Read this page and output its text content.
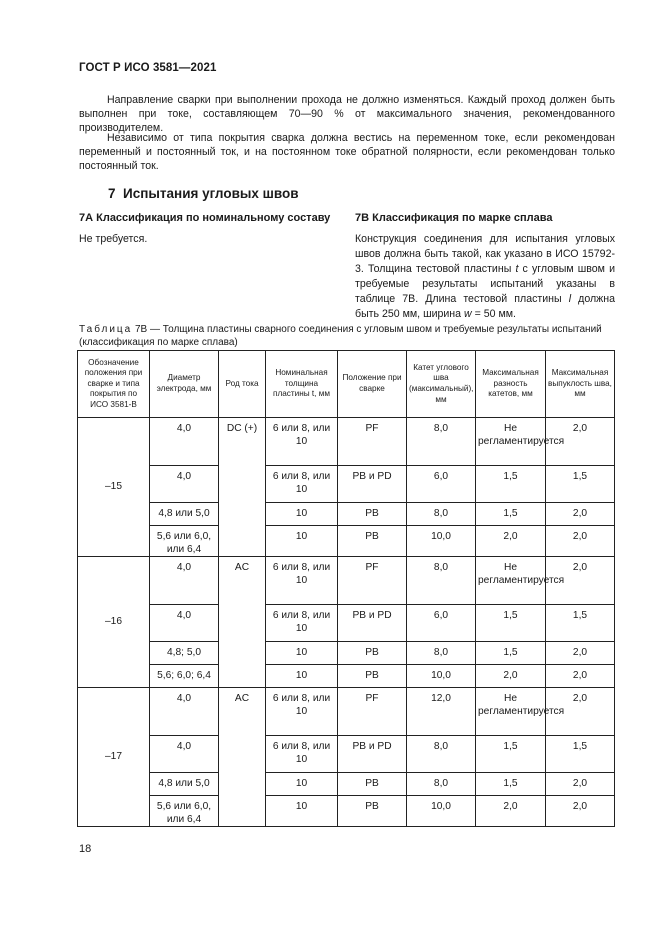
ГОСТ Р ИСО 3581—2021
Направление сварки при выполнении прохода не должно изменяться. Каждый проход должен быть выполнен при токе, составляющем 70—90 % от максимального значения, рекомендованного производителем.
Независимо от типа покрытия сварка должна вестись на переменном токе, если рекомендован переменный и постоянный ток, и на постоянном токе обратной полярности, если рекомендован только постоянный ток.
7 Испытания угловых швов
7А Классификация по номинальному составу
Не требуется.
7В Классификация по марке сплава
Конструкция соединения для испытания угловых швов должна быть такой, как указано в ИСО 15792-3. Толщина тестовой пластины t с угловым швом и требуемые результаты испытаний указаны в таблице 7В. Длина тестовой пластины l должна быть 250 мм, ширина w = 50 мм.
Таблица 7В — Толщина пластины сварного соединения с угловым швом и требуемые результаты испытаний (классификация по марке сплава)
Обозначение положения при сварке и типа покрытия по ИСО 3581-В	Диаметр электрода, мм	Род тока	Номинальная толщина пластины t, мм	Положение при сварке	Катет углового шва (максимальный), мм	Максимальная разность катетов, мм	Максимальная выпуклость шва, мм
–15	4,0	DC (+)	6 или 8, или 10	PF	8,0	Не регламентируется	2,0
	4,0		6 или 8, или 10	PB и PD	6,0	1,5	1,5
	4,8 или 5,0		10	PB	8,0	1,5	2,0
	5,6 или 6,0, или 6,4		10	PB	10,0	2,0	2,0
–16	4,0	AC	6 или 8, или 10	PF	8,0	Не регламентируется	2,0
	4,0		6 или 8, или 10	PB и PD	6,0	1,5	1,5
	4,8; 5,0		10	PB	8,0	1,5	2,0
	5,6; 6,0; 6,4		10	PB	10,0	2,0	2,0
–17	4,0	AC	6 или 8, или 10	PF	12,0	Не регламентируется	2,0
	4,0		6 или 8, или 10	PB и PD	8,0	1,5	1,5
	4,8 или 5,0		10	PB	8,0	1,5	2,0
	5,6 или 6,0, или 6,4		10	PB	10,0	2,0	2,0
18
